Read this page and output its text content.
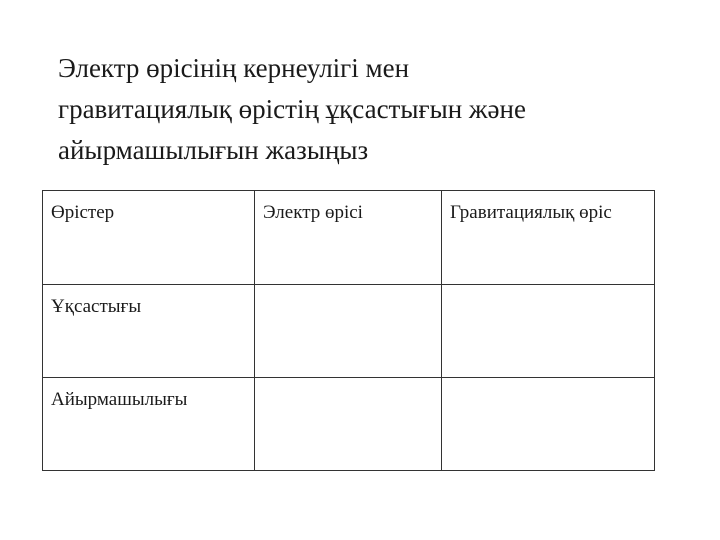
Электр өрісінің кернеулігі мен
гравитациялық өрістің ұқсастығын және
айырмашылығын жазыңыз
Өрістер	Электр өрісі	Гравитациялық өріс
Ұқсастығы		
Айырмашылығы		
